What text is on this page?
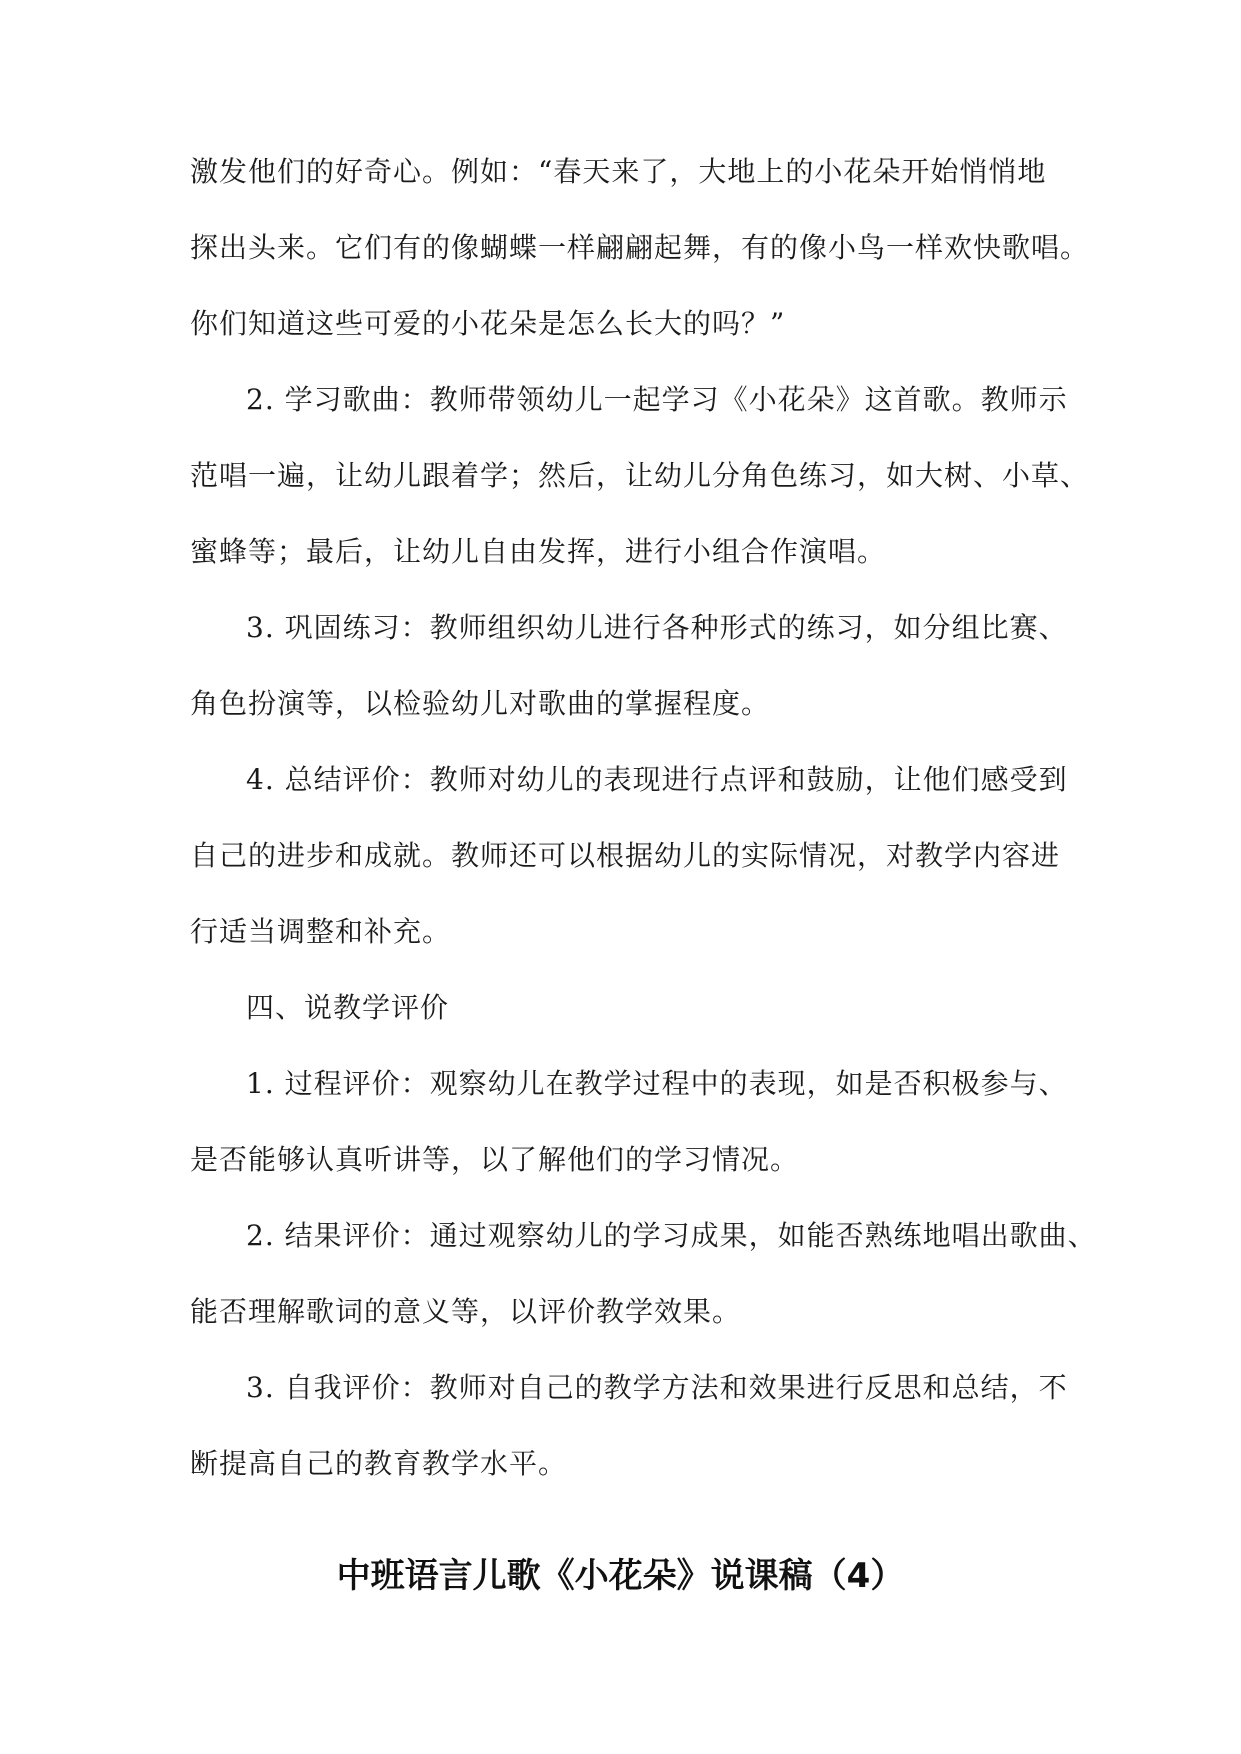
激发他们的好奇心。例如：“春天来了，大地上的小花朵开始悄悄地
探出头来。它们有的像蝴蝶一样翩翩起舞，有的像小鸟一样欢快歌唱。
你们知道这些可爱的小花朵是怎么长大的吗？”
2. 学习歌曲：教师带领幼儿一起学习《小花朵》这首歌。教师示
范唱一遍，让幼儿跟着学；然后，让幼儿分角色练习，如大树、小草、
蜜蜂等；最后，让幼儿自由发挥，进行小组合作演唱。
3. 巩固练习：教师组织幼儿进行各种形式的练习，如分组比赛、
角色扮演等，以检验幼儿对歌曲的掌握程度。
4. 总结评价：教师对幼儿的表现进行点评和鼓励，让他们感受到
自己的进步和成就。教师还可以根据幼儿的实际情况，对教学内容进
行适当调整和补充。
四、说教学评价
1. 过程评价：观察幼儿在教学过程中的表现，如是否积极参与、
是否能够认真听讲等，以了解他们的学习情况。
2. 结果评价：通过观察幼儿的学习成果，如能否熟练地唱出歌曲、
能否理解歌词的意义等，以评价教学效果。
3. 自我评价：教师对自己的教学方法和效果进行反思和总结，不
断提高自己的教育教学水平。
中班语言儿歌《小花朵》说课稿（4）
